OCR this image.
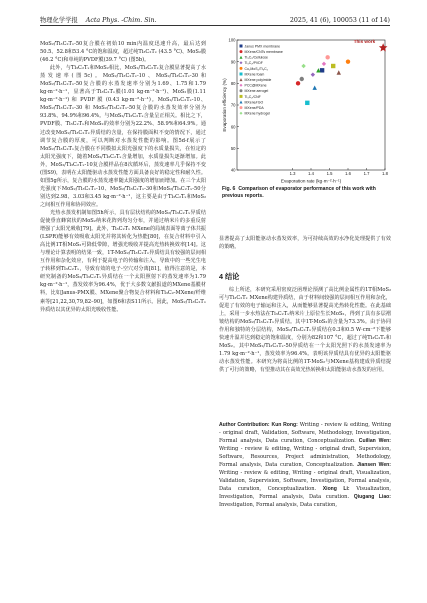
物理化学学报 Acta Phys. -Chim. Sin.	2025, 41 (6), 100053 (11 of 14)

MoS₂/Ti₃C₂Tₓ-50复合膜在初始10 min内温度迅速升高，最后达到50.5、52.8和53.4 °C的饱和温度，超过纯Ti₃C₂Tₓ (43.5 °C)、MoS₂膜(46.2 °C)和单纯的PVDF膜(39.7 °C) (图5b)。

此外，与Ti₃C₂Tₓ和MoS₂相比，MoS₂/Ti₃C₂Tₓ复合膜显著提高了水蒸发速率(图5c)。MoS₂/Ti₃C₂Tₓ-10、MoS₂/Ti₃C₂Tₓ-30和MoS₂/Ti₃C₂Tₓ-50复合膜的水蒸发速率分别为1.69、1.75和1.79 kg·m⁻²·h⁻¹，显著高于Ti₃C₂Tₓ膜(1.01 kg·m⁻²·h⁻¹)、MoS₂膜(1.11 kg·m⁻²·h⁻¹) 和 PVDF 膜 (0.43 kg·m⁻²·h⁻¹)。MoS₂/Ti₃C₂Tₓ-10、MoS₂/Ti₃C₂Tₓ-30 和 MoS₂/Ti₃C₂Tₓ-50复合膜的水蒸发效率分别为93.8%、94.9%和96.4%。与MoS₂/Ti₃C₂Tₓ含量呈正相关。相比之下，PVDF膜、Ti₃C₂Tₓ和MoS₂的效率分别为22.2%、58.9%和64.9%。通过改变MoS₂/Ti₃C₂Tₓ异质结的含量，在保持膜面积不变的情况下，通过调节复合膜的厚度，可以判断对水蒸发性能的影响。图5d-f展示了MoS₂/Ti₃C₂Tₓ复合膜在不同模拟太阳光强度下的水质量损失，在恒定的太阳光强度下，随着MoS₂/Ti₃C₂Tₓ含量增加，水质量损失逐渐增加。此外，MoS₂/Ti₃C₂Tₓ-10复合膜样品在8次循环后，蒸发速率几乎保持不变(图S9)，表明在太阳能驱动水蒸发性能方面具备良好的稳定性和耐久性。如图5g所示，复合膜的水蒸发速率随太阳强度的增加而增加。在三个太阳光强度下MoS₂/Ti₃C₂Tₓ-10、MoS₂/Ti₃C₂Tₓ-30和MoS₂/Ti₃C₂Tₓ-50分别达到2.98、3.03和3.45 kg·m⁻²·h⁻¹，这主要是由于Ti₃C₂Tₓ和MoS₂之间相互作用和协同效应。

光热水蒸发机制如图5h所示，具有层状结构的MoS₂/Ti₃C₂Tₓ异质结促使垂直蜂窝状的MoS₂纳米花阵列均匀分布，并通过纳米片的多重反射增强了太阳光吸收[79]。此外，Ti₃C₂Tₓ MXene的局域表面等离子体共振(LSPR)能够有效吸收太阳光并将其转化为热能[80]，在复合材料中引入高比例1T相MoS₂可降低带隙，增强光吸收并提高光热转换效率[14]。这与理论计算表明的结果一致，1T-MoS₂/Ti₃C₂Tₓ异质结具有较强的层间相互作用和杂化效应，有利于提高电子的传输和注入，导致中的一些光生电子转移到Ti₃C₂Tₓ，导致有效的电子-空穴对分离[81]。值得注意的是，本研究制备的MoS₂/Ti₃C₂Tₓ异质结在一个太阳照射下的蒸发速率为1.79 kg·m⁻²·h⁻¹，蒸发效率为96.4%，优于大多数文献报道的MXene基膜材料，比如Janus-PMX膜、MXene聚合物复合材料和Ti₃C₂-MXene/纤维素等[21,22,30,79,82–90]，如图6和表S11所示。因此，MoS₂/Ti₃C₂Tₓ异质结以其优异的太阳光吸收性能、

40
50
60
70
80
90
100
1.3	1.4	1.5	1.6	1.7	1.8
Evaporation rate (kg·m⁻²·h⁻¹)
Evaporation efficiency (%)
Janus PMX membrane
MXene/CNTs membrane
Ti₃C₂/Cellulose
Ti₃C₂/PVDF
Cu₂MoS₄/Ti₃C₂
MXene foam
MXene polyimide
PCC@MXene
MXene aerogel
Ti₃C₂/CNF
MXene/rGO
MXene/PDA
MXene hydrogel
This work
Fig. 6 Comparison of evaporator performance of this work with previous reports.

显著提高了太阳能驱动水蒸发效率，为可持续高效的水净化处理提供了有效的策略。

4 结论

综上所述，本研究采用密度泛函理论预测了高比例金属性的1T相MoS₂可与Ti₃C₂Tₓ MXene构建异质结，由于材料间较强的层间相互作用和杂化，促进了有效的电子输运和注入，从而能够显著提高光热转化性能。在此基础上，采用一步水热法在Ti₃C₂Tₓ纳米片上原位生长MoS₂，得到了具有多层褶皱结构的MoS₂/Ti₃C₂Tₓ异质结。其中1T-MoS₂的含量为73.3%。由于协同作用和独特的分层结构，MoS₂/Ti₃C₂Tₓ异质结在0.3和0.5 W·cm⁻²下能够快速升温并达到稳定的饱和温度，分别为82和107 °C，超过了纯Ti₃C₂Tₓ和MoS₂。其中MoS₂/Ti₃C₂Tₓ-50异质结在一个太阳光照下的水蒸发速率为1.79 kg·m⁻²·h⁻¹，蒸发效率为96.4%。表明该异质结具有优异的太阳能驱动水蒸发性能。本研究为将高比例的1T-MoS₂与MXene基构建成异质结提供了可行的策略，有望推动其在高效光热转换和太阳能驱动水蒸发的应用。

Author Contribution: Kun Rong: Writing - review & editing, Writing - original draft, Validation, Software, Methodology, Investigation, Formal analysis, Data curation, Conceptualization. Cuilian Wen: Writing - review & editing, Writing - original draft, Supervision, Software, Resources, Project administration, Methodology, Formal analysis, Data curation, Conceptualization. Jiansen Wen: Writing - review & editing, Writing - original draft, Visualization, Validation, Supervision, Software, Investigation, Formal analysis, Data curation, Conceptualization. Xiong Li: Visualization, Investigation, Formal analysis, Data curation. Qiugang Liao: Investigation, Formal analysis, Data curation,
